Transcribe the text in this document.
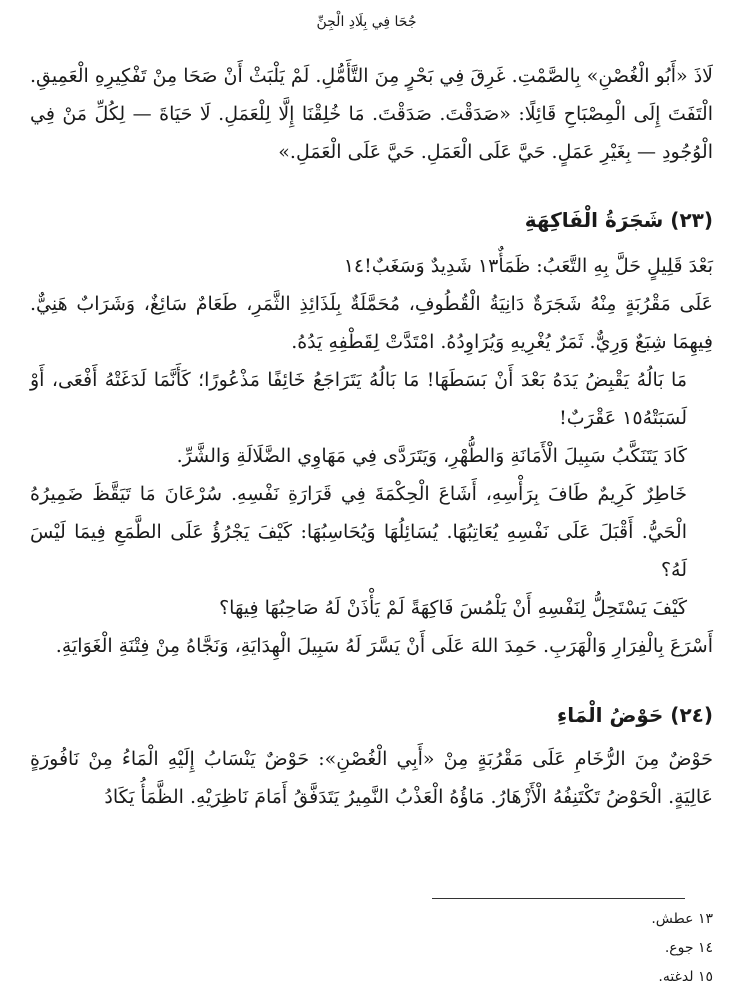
جُحَا فِي بِلَادِ الْجِنِّ

لَاذَ «أَبُو الْغُصْنِ» بِالصَّمْتِ. غَرِقَ فِي بَحْرٍ مِنَ التَّأَمُّلِ. لَمْ يَلْبَثْ أَنْ صَحَا مِنْ تَفْكِيرِهِ الْعَمِيقِ. الْتَفَتَ إِلَى الْمِصْبَاحِ قَائِلًا: «صَدَقْتَ. صَدَقْتَ. مَا خُلِقْنَا إِلَّا لِلْعَمَلِ. لَا حَيَاةَ — لِكُلِّ مَنْ فِي الْوُجُودِ — بِغَيْرِ عَمَلٍ. حَيَّ عَلَى الْعَمَلِ. حَيَّ عَلَى الْعَمَلِ.»

(٢٣) شَجَرَةُ الْفَاكِهَةِ

بَعْدَ قَلِيلٍ حَلَّ بِهِ التَّعَبُ: ظَمَأٌ١٣ شَدِيدٌ وَسَغَبٌ!١٤

عَلَى مَقْرُبَةٍ مِنْهُ شَجَرَةٌ دَانِيَةُ الْقُطُوفِ، مُحَمَّلَةٌ بِلَذَائِذِ الثَّمَرِ، طَعَامٌ سَائِغٌ، وَشَرَابٌ هَنِيٌّ. فِيهِمَا شِبَعٌ وَرِيٌّ. ثَمَرٌ يُغْرِيهِ وَيُرَاوِدُهُ. امْتَدَّتْ لِقَطْفِهِ يَدُهُ.

مَا بَالُهُ يَقْبِضُ يَدَهُ بَعْدَ أَنْ بَسَطَهَا! مَا بَالُهُ يَتَرَاجَعُ خَائِفًا مَذْعُورًا؛ كَأَنَّمَا لَدَغَتْهُ أَفْعَى، أَوْ لَسَبَتْهُ١٥ عَقْرَبٌ!

كَادَ يَتَنَكَّبُ سَبِيلَ الْأَمَانَةِ وَالطُّهْرِ، وَيَتَرَدَّى فِي مَهَاوِي الضَّلَالَةِ وَالشَّرِّ.

خَاطِرٌ كَرِيمٌ طَافَ بِرَأْسِهِ، أَشَاعَ الْحِكْمَةَ فِي قَرَارَةِ نَفْسِهِ. سُرْعَانَ مَا تَيَقَّظَ ضَمِيرُهُ الْحَيُّ. أَقْبَلَ عَلَى نَفْسِهِ يُعَاتِبُهَا. يُسَائِلُهَا وَيُحَاسِبُهَا: كَيْفَ يَجْرُؤُ عَلَى الطَّمَعِ فِيمَا لَيْسَ لَهُ؟

كَيْفَ يَسْتَحِلُّ لِنَفْسِهِ أَنْ يَلْمُسَ فَاكِهَةً لَمْ يَأْذَنْ لَهُ صَاحِبُهَا فِيهَا؟

أَسْرَعَ بِالْفِرَارِ وَالْهَرَبِ. حَمِدَ اللهَ عَلَى أَنْ يَسَّرَ لَهُ سَبِيلَ الْهِدَايَةِ، وَنَجَّاهُ مِنْ فِتْنَةِ الْغَوَايَةِ.

(٢٤) حَوْضُ الْمَاءِ

حَوْضٌ مِنَ الرُّخَامِ عَلَى مَقْرُبَةٍ مِنْ «أَبِي الْغُصْنِ»: حَوْضٌ يَنْسَابُ إِلَيْهِ الْمَاءُ مِنْ نَافُورَةٍ عَالِيَةٍ. الْحَوْضُ تَكْتَنِفُهُ الْأَزْهَارُ. مَاؤُهُ الْعَذْبُ النَّمِيرُ يَتَدَفَّقُ أَمَامَ نَاظِرَيْهِ. الظَّمَأُ يَكَادُ

١٣ عطش.
١٤ جوع.
١٥ لدغته.
